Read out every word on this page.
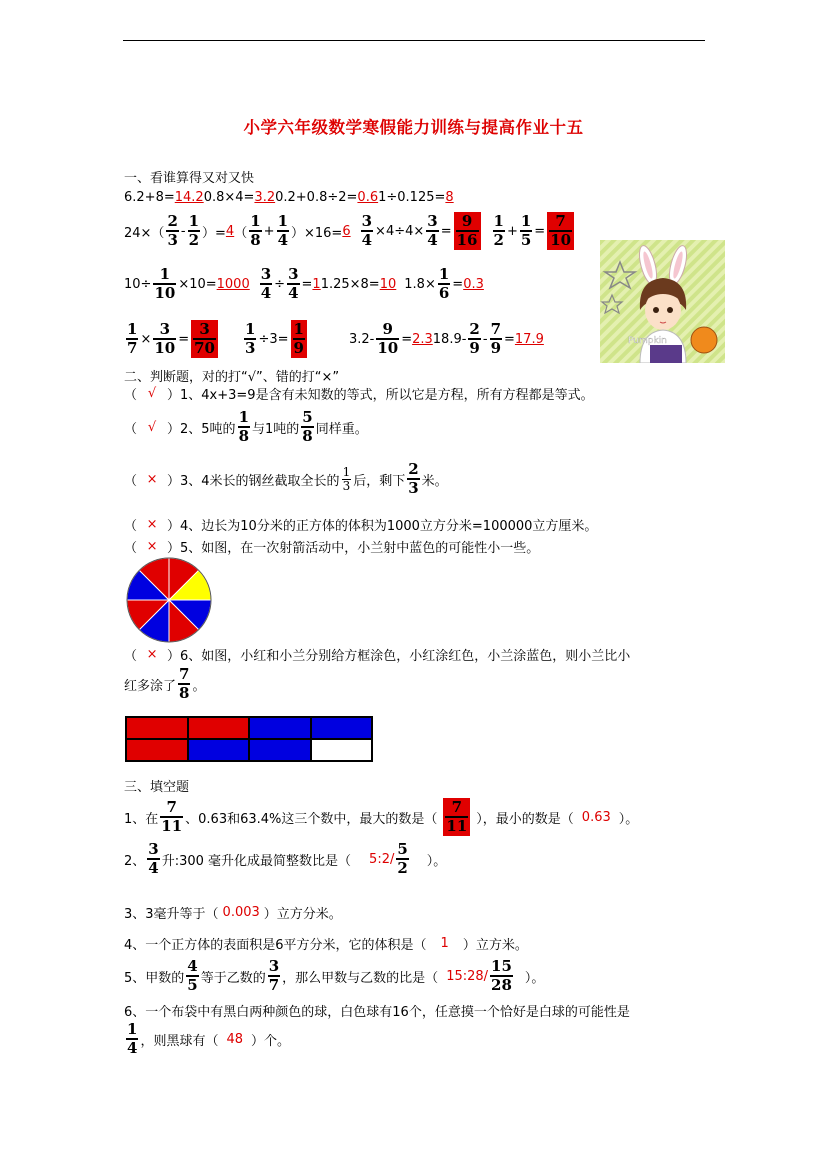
小学六年级数学寒假能力训练与提高作业十五
一、看谁算得又对又快
6.2+8= 14.2 0.8×4= 3.2 0.2+0.8÷2= 0.6 1÷0.125= 8
$24\times( \frac{2}{3} - \frac{1}{2}$ ）= 4 （ $\frac{1}{8} + \frac{1}{4} )\times 16= 6 \frac{3}{4} \times 4\div 4\times \frac{3}{4} = \frac{9}{16} \frac{1}{2} + \frac{1}{5} = \frac{7}{10}$
$10\div \frac{1}{10} \times 10= 1000 \frac{3}{4} \div \frac{3}{4} = 1$ 1.25×8= 10 $1.8\times \frac{1}{6} = 0.3$
$\frac{1}{7} \times \frac{3}{10} = \frac{3}{70} \frac{1}{3} \div 3= \frac{1}{9}$	$3.2- \frac{9}{10} = 2.3$ $18.9- \frac{2}{9} - \frac{7}{9} = 17.9$	Pumpkin
二、判断题，对的打“√”、错的打“×”
（ √ ）1、4x+3=9是含有未知数的等式，所以它是方程，所有方程都是等式。
（ √ ）2、5吨的 $\frac{1}{8}$ 与1吨的 $\frac{5}{8}$ 同样重。
（ × ）3、4米长的钢丝截取全长的 $\frac{1}{3}$ 后，剩下 $\frac{2}{3}$ 米。
（ × ）4、边长为10分米的正方体的体积为1000立方分米=100000立方厘米。
（ × ）5、如图，在一次射箭活动中，小兰射中蓝色的可能性小一些。
（ × ）6、如图，小红和小兰分别给方框涂色，小红涂红色，小兰涂蓝色，则小兰比小
红多涂了 $\frac{7}{8}$ 。
三、填空题
1、在 $\frac{7}{11}$ 、0.63和63.4%这三个数中，最大的数是（ $\frac{7}{11}$ ），最小的数是（ 0.63 ）。
2、 $\frac{3}{4}$ 升:300 毫升化成最简整数比是（ 5:2/ $\frac{5}{2}$ ）。
3、3毫升等于（ 0.003 ）立方分米。
4、一个正方体的表面积是6平方分米，它的体积是（ 1 ）立方米。
5、甲数的 $\frac{4}{5}$ 等于乙数的 $\frac{3}{7}$ ，那么甲数与乙数的比是（ 15:28/ $\frac{15}{28}$ ）。
6、一个布袋中有黑白两种颜色的球，白色球有16个，任意摸一个恰好是白球的可能性是
$\frac{1}{4}$ ，则黑球有（ 48 ）个。
